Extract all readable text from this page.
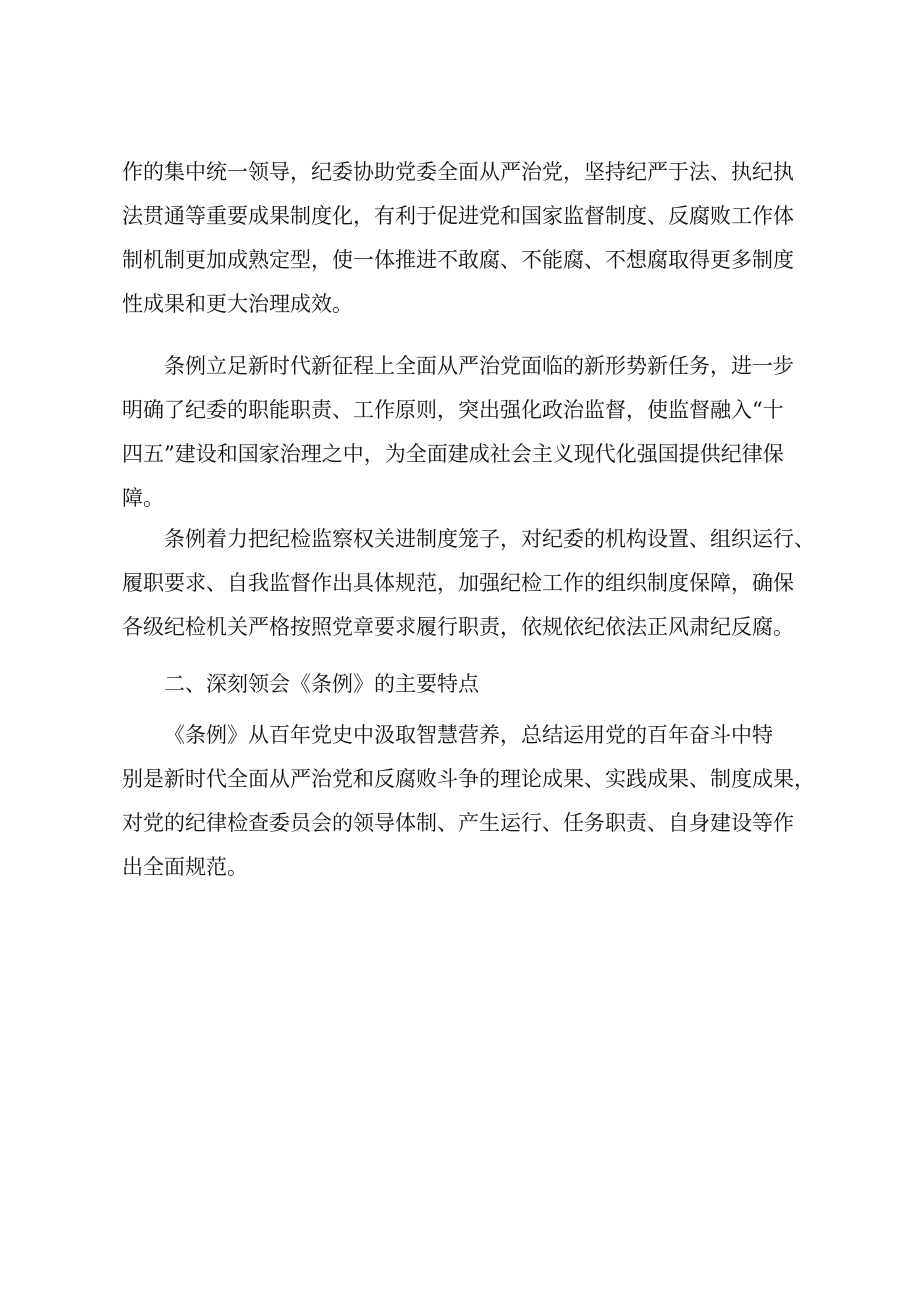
作的集中统一领导，纪委协助党委全面从严治党，坚持纪严于法、执纪执
法贯通等重要成果制度化，有利于促进党和国家监督制度、反腐败工作体
制机制更加成熟定型，使一体推进不敢腐、不能腐、不想腐取得更多制度
性成果和更大治理成效。
条例立足新时代新征程上全面从严治党面临的新形势新任务，进一步
明确了纪委的职能职责、工作原则，突出强化政治监督，使监督融入“十
四五”建设和国家治理之中，为全面建成社会主义现代化强国提供纪律保
障。
条例着力把纪检监察权关进制度笼子，对纪委的机构设置、组织运行、
履职要求、自我监督作出具体规范，加强纪检工作的组织制度保障，确保
各级纪检机关严格按照党章要求履行职责，依规依纪依法正风肃纪反腐。
二、深刻领会《条例》的主要特点
《条例》从百年党史中汲取智慧营养，总结运用党的百年奋斗中特
别是新时代全面从严治党和反腐败斗争的理论成果、实践成果、制度成果，
对党的纪律检查委员会的领导体制、产生运行、任务职责、自身建设等作
出全面规范。
